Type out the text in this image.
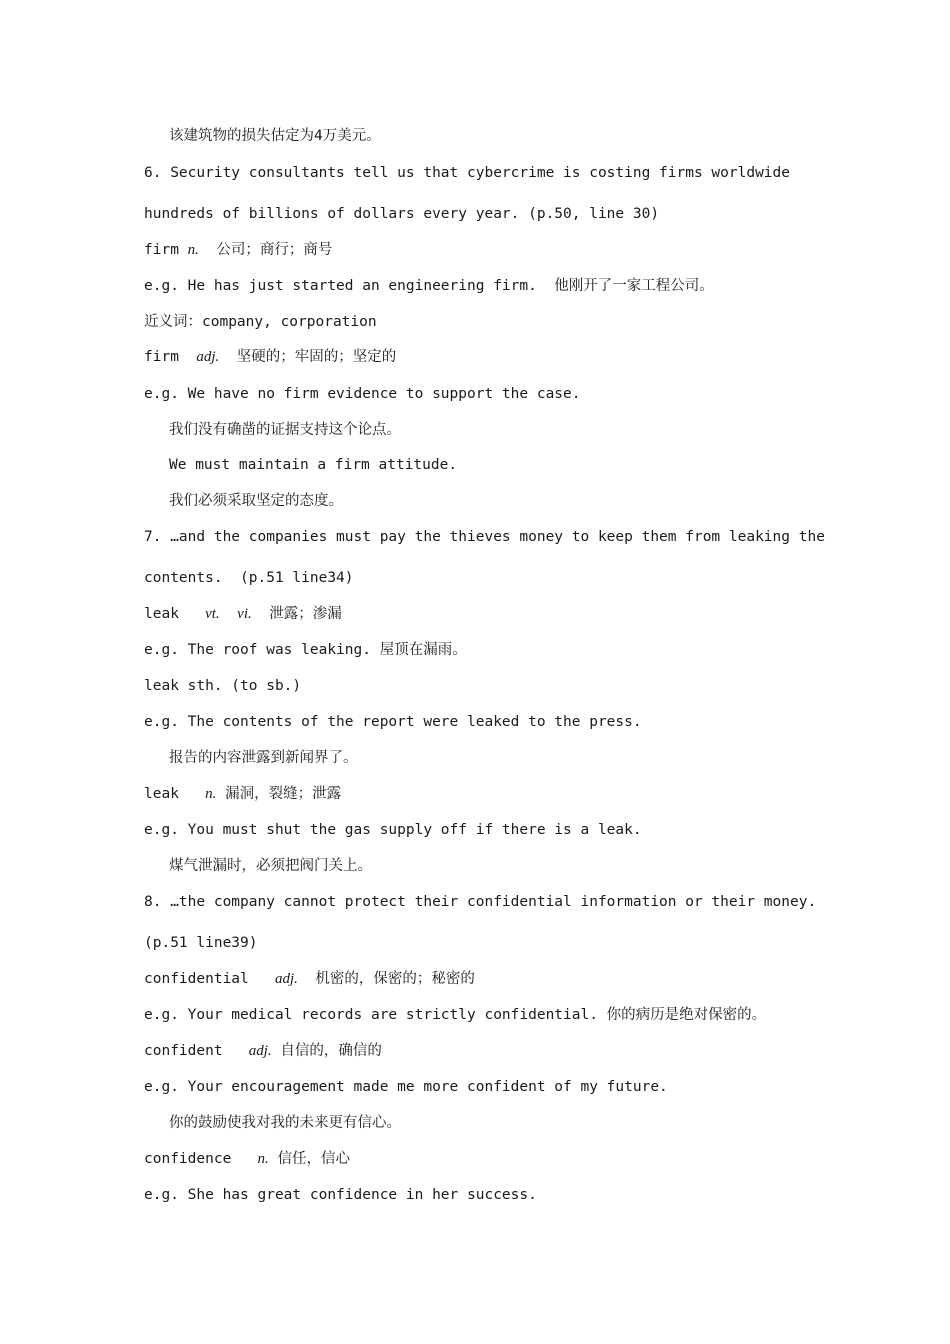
该建筑物的损失估定为4万美元。
6. Security consultants tell us that cybercrime is costing firms worldwide
hundreds of billions of dollars every year. (p.50, line 30)
firm n.  公司；商行；商号
e.g. He has just started an engineering firm.  他刚开了一家工程公司。
近义词：company, corporation
firm  adj.  坚硬的；牢固的；坚定的
e.g. We have no firm evidence to support the case.
我们没有确凿的证据支持这个论点。
We must maintain a firm attitude.
我们必须采取坚定的态度。
7. …and the companies must pay the thieves money to keep them from leaking the
contents.  (p.51 line34)
leak   vt. vi.  泄露；渗漏
e.g. The roof was leaking. 屋顶在漏雨。
leak sth. (to sb.)
e.g. The contents of the report were leaked to the press.
报告的内容泄露到新闻界了。
leak   n. 漏洞，裂缝；泄露
e.g. You must shut the gas supply off if there is a leak.
煤气泄漏时，必须把阀门关上。
8. …the company cannot protect their confidential information or their money.
(p.51 line39)
confidential   adj.  机密的，保密的；秘密的
e.g. Your medical records are strictly confidential. 你的病历是绝对保密的。
confident   adj. 自信的，确信的
e.g. Your encouragement made me more confident of my future.
你的鼓励使我对我的未来更有信心。
confidence   n. 信任，信心
e.g. She has great confidence in her success.
